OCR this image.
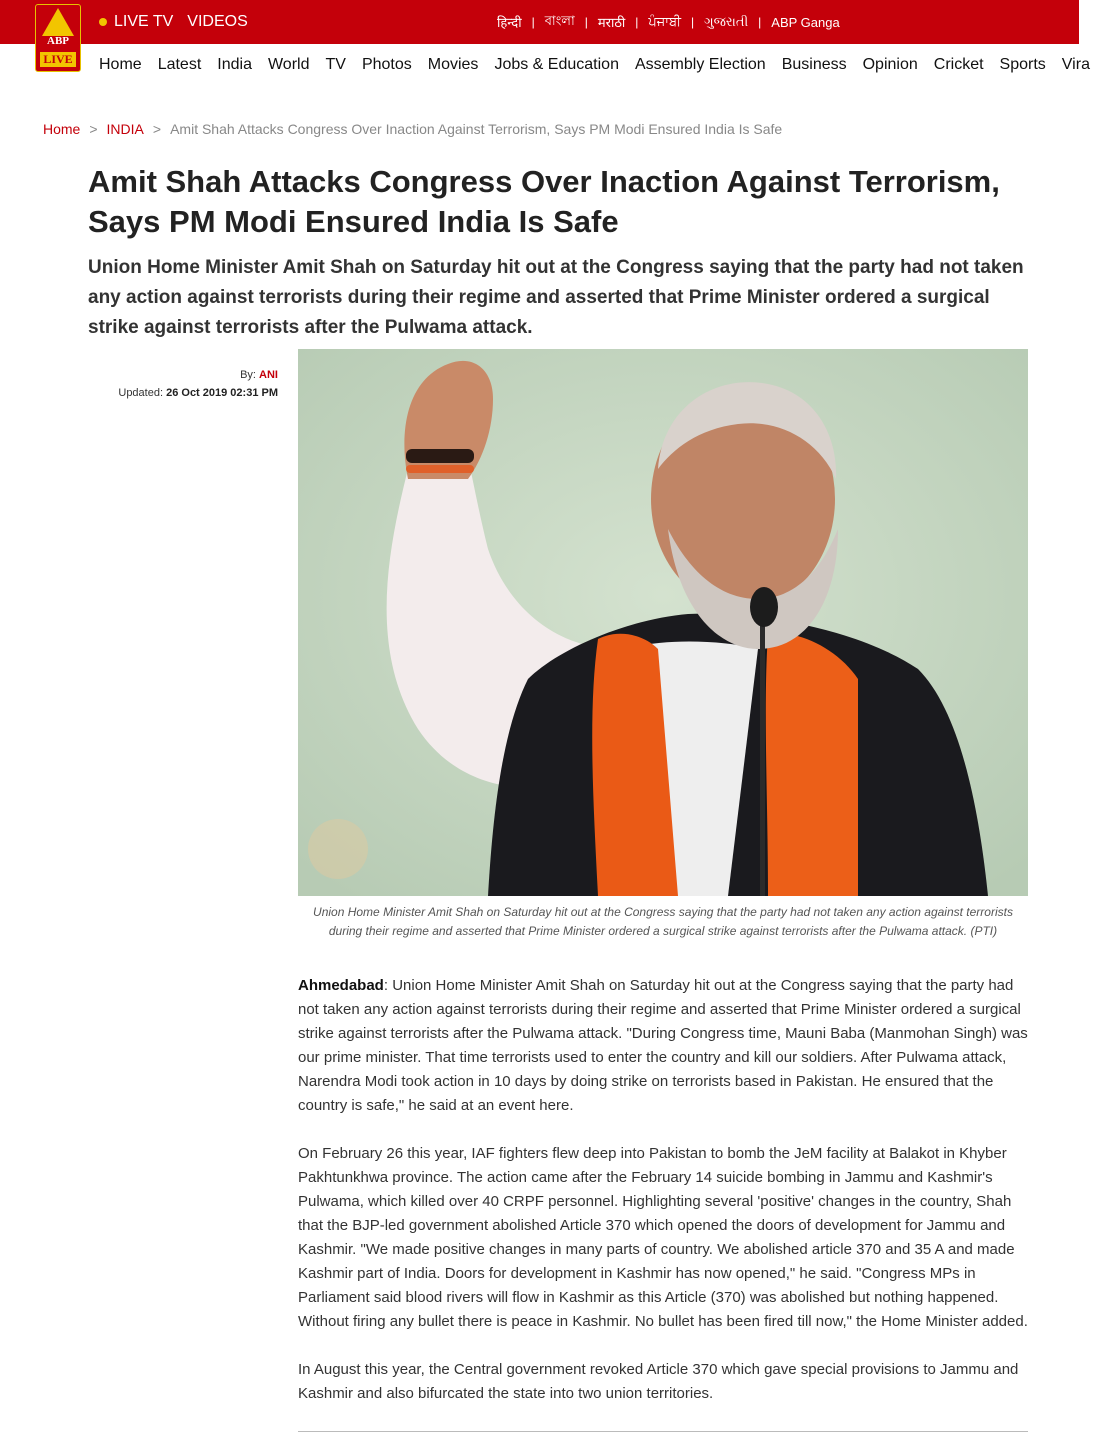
ABP
LIVE
LIVE TV VIDEOS	हिन्दी | বাংলা | मराठी | ਪੰਜਾਬੀ | ગુજરાતી | ABP Ganga
Home Latest India World TV Photos Movies Jobs & Education Assembly Election Business Opinion Cricket Sports Vira
Home > INDIA > Amit Shah Attacks Congress Over Inaction Against Terrorism, Says PM Modi Ensured India Is Safe
Amit Shah Attacks Congress Over Inaction Against Terrorism, Says PM Modi Ensured India Is Safe
Union Home Minister Amit Shah on Saturday hit out at the Congress saying that the party had not taken any action against terrorists during their regime and asserted that Prime Minister ordered a surgical strike against terrorists after the Pulwama attack.
By: ANI
Updated: 26 Oct 2019 02:31 PM
Union Home Minister Amit Shah on Saturday hit out at the Congress saying that the party had not taken any action against terrorists during their regime and asserted that Prime Minister ordered a surgical strike against terrorists after the Pulwama attack. (PTI)

Ahmedabad: Union Home Minister Amit Shah on Saturday hit out at the Congress saying that the party had not taken any action against terrorists during their regime and asserted that Prime Minister ordered a surgical strike against terrorists after the Pulwama attack. "During Congress time, Mauni Baba (Manmohan Singh) was our prime minister. That time terrorists used to enter the country and kill our soldiers. After Pulwama attack, Narendra Modi took action in 10 days by doing strike on terrorists based in Pakistan. He ensured that the country is safe," he said at an event here.

On February 26 this year, IAF fighters flew deep into Pakistan to bomb the JeM facility at Balakot in Khyber Pakhtunkhwa province. The action came after the February 14 suicide bombing in Jammu and Kashmir's Pulwama, which killed over 40 CRPF personnel. Highlighting several 'positive' changes in the country, Shah that the BJP-led government abolished Article 370 which opened the doors of development for Jammu and Kashmir. "We made positive changes in many parts of country. We abolished article 370 and 35 A and made Kashmir part of India. Doors for development in Kashmir has now opened," he said. "Congress MPs in Parliament said blood rivers will flow in Kashmir as this Article (370) was abolished but nothing happened. Without firing any bullet there is peace in Kashmir. No bullet has been fired till now," the Home Minister added.

In August this year, the Central government revoked Article 370 which gave special provisions to Jammu and Kashmir and also bifurcated the state into two union territories.
